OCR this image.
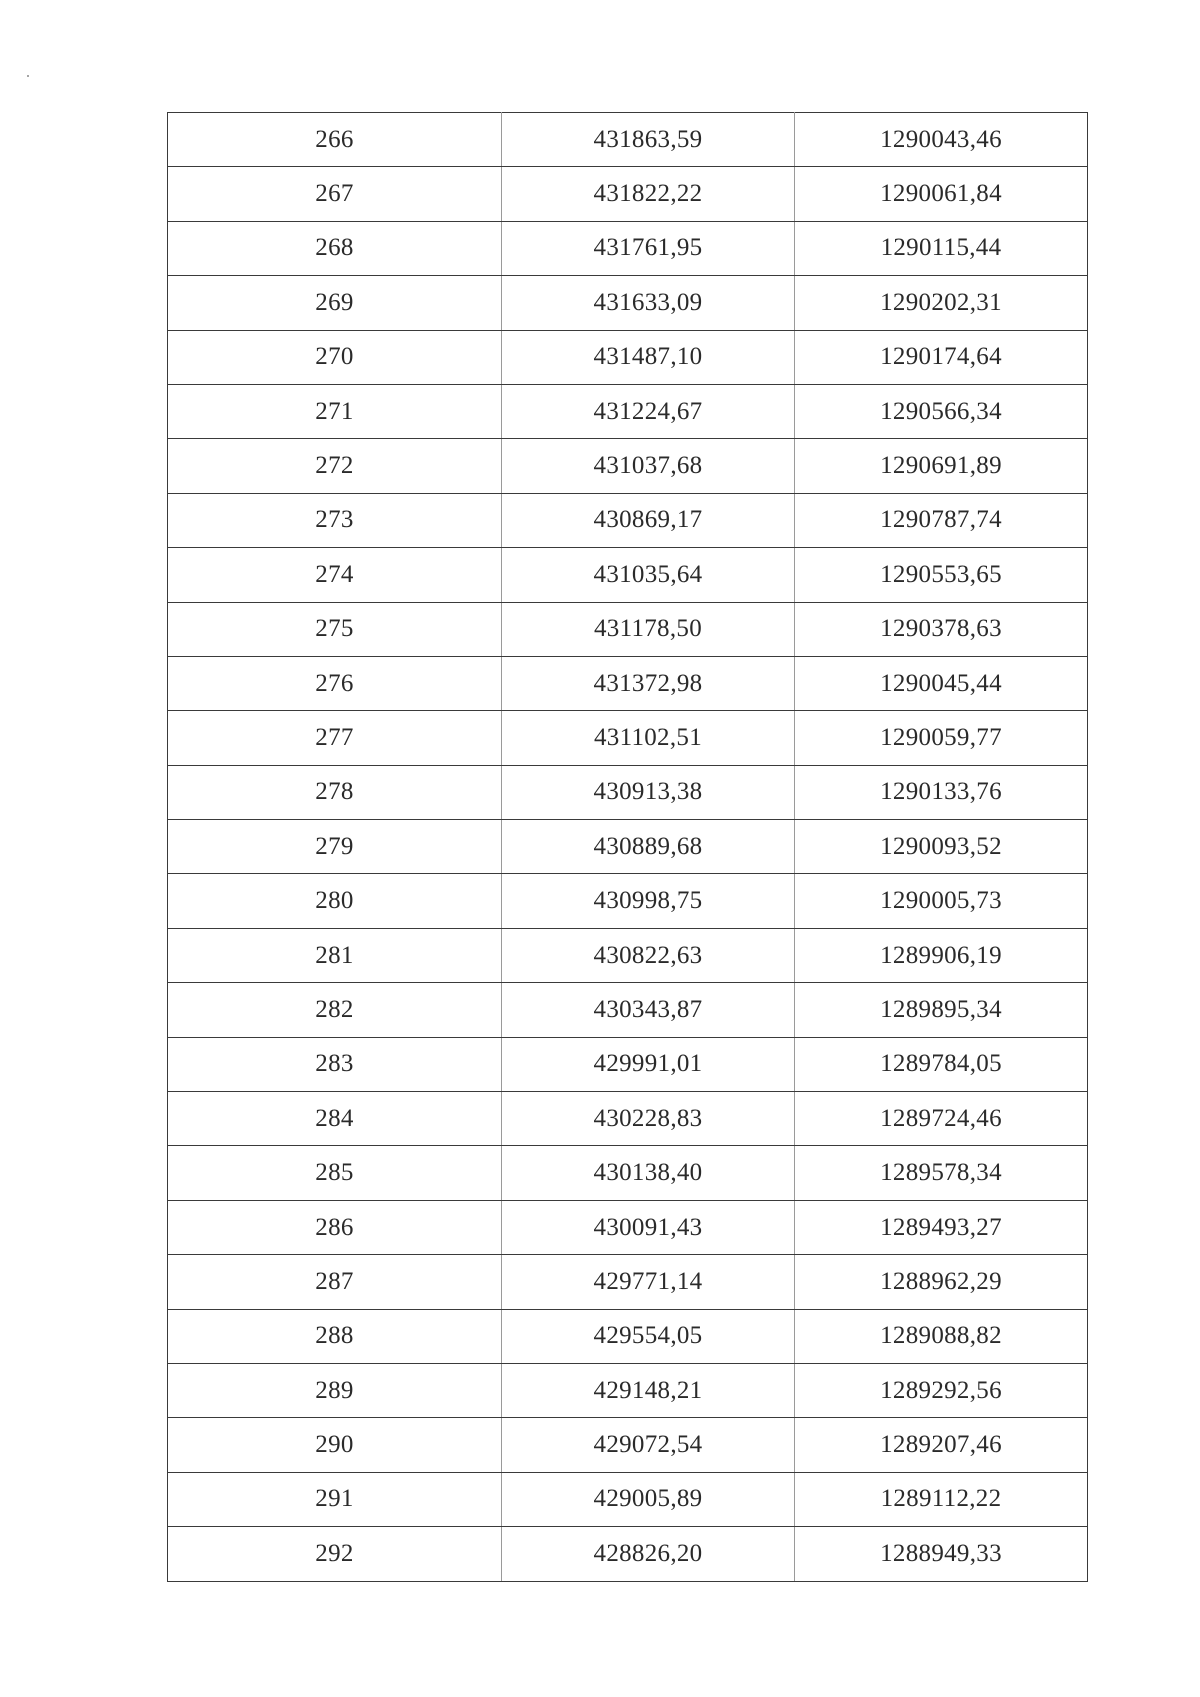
266	431863,59	1290043,46
267	431822,22	1290061,84
268	431761,95	1290115,44
269	431633,09	1290202,31
270	431487,10	1290174,64
271	431224,67	1290566,34
272	431037,68	1290691,89
273	430869,17	1290787,74
274	431035,64	1290553,65
275	431178,50	1290378,63
276	431372,98	1290045,44
277	431102,51	1290059,77
278	430913,38	1290133,76
279	430889,68	1290093,52
280	430998,75	1290005,73
281	430822,63	1289906,19
282	430343,87	1289895,34
283	429991,01	1289784,05
284	430228,83	1289724,46
285	430138,40	1289578,34
286	430091,43	1289493,27
287	429771,14	1288962,29
288	429554,05	1289088,82
289	429148,21	1289292,56
290	429072,54	1289207,46
291	429005,89	1289112,22
292	428826,20	1288949,33
